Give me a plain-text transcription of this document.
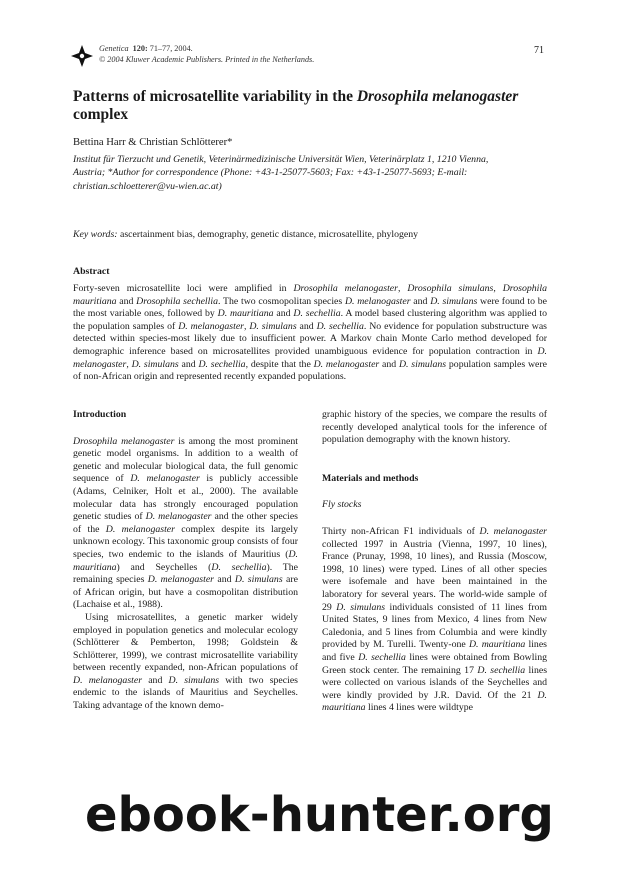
Genetica 120: 71–77, 2004.
© 2004 Kluwer Academic Publishers. Printed in the Netherlands.
71
Patterns of microsatellite variability in the Drosophila melanogaster
complex
Bettina Harr & Christian Schlötterer*
Institut für Tierzucht und Genetik, Veterinärmedizinische Universität Wien, Veterinärplatz 1, 1210 Vienna,
Austria; *Author for correspondence (Phone: +43-1-25077-5603; Fax: +43-1-25077-5693; E-mail:
christian.schloetterer@vu-wien.ac.at)
Key words: ascertainment bias, demography, genetic distance, microsatellite, phylogeny
Abstract

Forty-seven microsatellite loci were amplified in Drosophila melanogaster, Drosophila simulans, Drosophila mauritiana and Drosophila sechellia. The two cosmopolitan species D. melanogaster and D. simulans were found to be the most variable ones, followed by D. mauritiana and D. sechellia. A model based clustering algorithm was applied to the population samples of D. melanogaster, D. simulans and D. sechellia. No evidence for population substructure was detected within species-most likely due to insufficient power. A Markov chain Monte Carlo method developed for demographic inference based on microsatellites provided unambiguous evidence for population contraction in D. melanogaster, D. simulans and D. sechellia, despite that the D. melanogaster and D. simulans population samples were of non-African origin and represented recently expanded populations.

Introduction

Drosophila melanogaster is among the most prominent genetic model organisms. In addition to a wealth of genetic and molecular biological data, the full genomic sequence of D. melanogaster is publicly accessible (Adams, Celniker, Holt et al., 2000). The available molecular data has strongly encouraged population genetic studies of D. melanogaster and the other species of the D. melanogaster complex despite its largely unknown ecology. This taxonomic group consists of four species, two endemic to the islands of Mauritius (D. mauritiana) and Seychelles (D. sechellia). The remaining species D. melanogaster and D. simulans are of African origin, but have a cosmopolitan distribution (Lachaise et al., 1988).

Using microsatellites, a genetic marker widely employed in population genetics and molecular ecology (Schlötterer & Pemberton, 1998; Goldstein & Schlötterer, 1999), we contrast microsatellite variability between recently expanded, non-African populations of D. melanogaster and D. simulans with two species endemic to the islands of Mauritius and Seychelles. Taking advantage of the known demo-

graphic history of the species, we compare the results of recently developed analytical tools for the inference of population demography with the known history.

Materials and methods
Fly stocks

Thirty non-African F1 individuals of D. melanogaster collected 1997 in Austria (Vienna, 1997, 10 lines), France (Prunay, 1998, 10 lines), and Russia (Moscow, 1998, 10 lines) were typed. Lines of all other species were isofemale and have been maintained in the laboratory for several years. The world-wide sample of 29 D. simulans individuals consisted of 11 lines from United States, 9 lines from Mexico, 4 lines from New Caledonia, and 5 lines from Columbia and were kindly provided by M. Turelli. Twenty-one D. mauritiana lines and five D. sechellia lines were obtained from Bowling Green stock center. The remaining 17 D. sechellia lines were collected on various islands of the Seychelles and were kindly provided by J.R. David. Of the 21 D. mauritiana lines 4 lines were wildtype

ebook-hunter.org
